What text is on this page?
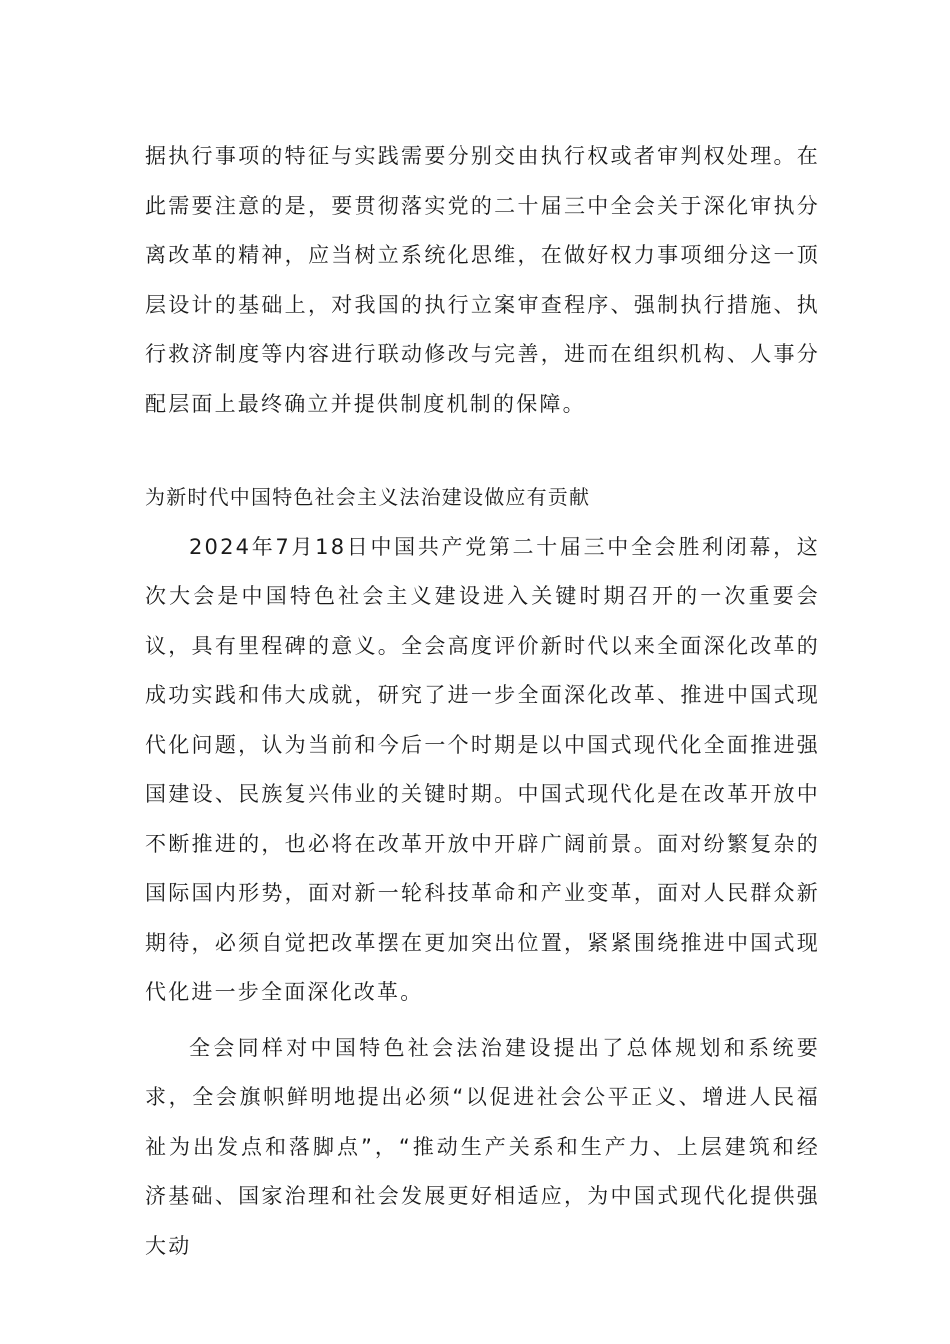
据执行事项的特征与实践需要分别交由执行权或者审判权处理。在此需要注意的是，要贯彻落实党的二十届三中全会关于深化审执分离改革的精神，应当树立系统化思维，在做好权力事项细分这一顶层设计的基础上，对我国的执行立案审查程序、强制执行措施、执行救济制度等内容进行联动修改与完善，进而在组织机构、人事分配层面上最终确立并提供制度机制的保障。

为新时代中国特色社会主义法治建设做应有贡献

2024年7月18日中国共产党第二十届三中全会胜利闭幕，这次大会是中国特色社会主义建设进入关键时期召开的一次重要会议，具有里程碑的意义。全会高度评价新时代以来全面深化改革的成功实践和伟大成就，研究了进一步全面深化改革、推进中国式现代化问题，认为当前和今后一个时期是以中国式现代化全面推进强国建设、民族复兴伟业的关键时期。中国式现代化是在改革开放中不断推进的，也必将在改革开放中开辟广阔前景。面对纷繁复杂的国际国内形势，面对新一轮科技革命和产业变革，面对人民群众新期待，必须自觉把改革摆在更加突出位置，紧紧围绕推进中国式现代化进一步全面深化改革。

全会同样对中国特色社会法治建设提出了总体规划和系统要求，全会旗帜鲜明地提出必须“以促进社会公平正义、增进人民福祉为出发点和落脚点”，“推动生产关系和生产力、上层建筑和经济基础、国家治理和社会发展更好相适应，为中国式现代化提供强大动
